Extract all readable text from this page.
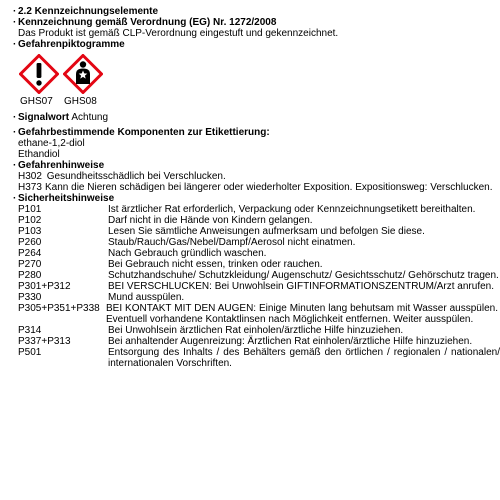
· 2.2 Kennzeichnungselemente
· Kennzeichnung gemäß Verordnung (EG) Nr. 1272/2008
Das Produkt ist gemäß CLP-Verordnung eingestuft und gekennzeichnet.
· Gefahrenpiktogramme
GHS07 GHS08
· Signalwort Achtung
· Gefahrbestimmende Komponenten zur Etikettierung:
ethane-1,2-diol
Ethandiol
· Gefahrenhinweise
H302 Gesundheitsschädlich bei Verschlucken.
H373 Kann die Nieren schädigen bei längerer oder wiederholter Exposition. Expositionsweg: Verschlucken.
· Sicherheitshinweise
P101	Ist ärztlicher Rat erforderlich, Verpackung oder Kennzeichnungsetikett bereithalten.
P102	Darf nicht in die Hände von Kindern gelangen.
P103	Lesen Sie sämtliche Anweisungen aufmerksam und befolgen Sie diese.
P260	Staub/Rauch/Gas/Nebel/Dampf/Aerosol nicht einatmen.
P264	Nach Gebrauch gründlich waschen.
P270	Bei Gebrauch nicht essen, trinken oder rauchen.
P280	Schutzhandschuhe/ Schutzkleidung/ Augenschutz/ Gesichtsschutz/ Gehörschutz tragen.
P301+P312	BEI VERSCHLUCKEN: Bei Unwohlsein GIFTINFORMATIONSZENTRUM/Arzt anrufen.
P330	Mund ausspülen.
P305+P351+P338 BEI KONTAKT MIT DEN AUGEN: Einige Minuten lang behutsam mit Wasser ausspülen. Eventuell vorhandene Kontaktlinsen nach Möglichkeit entfernen. Weiter ausspülen.
P314	Bei Unwohlsein ärztlichen Rat einholen/ärztliche Hilfe hinzuziehen.
P337+P313	Bei anhaltender Augenreizung: Ärztlichen Rat einholen/ärztliche Hilfe hinzuziehen.
P501	Entsorgung des Inhalts / des Behälters gemäß den örtlichen / regionalen / nationalen/ internationalen Vorschriften.
